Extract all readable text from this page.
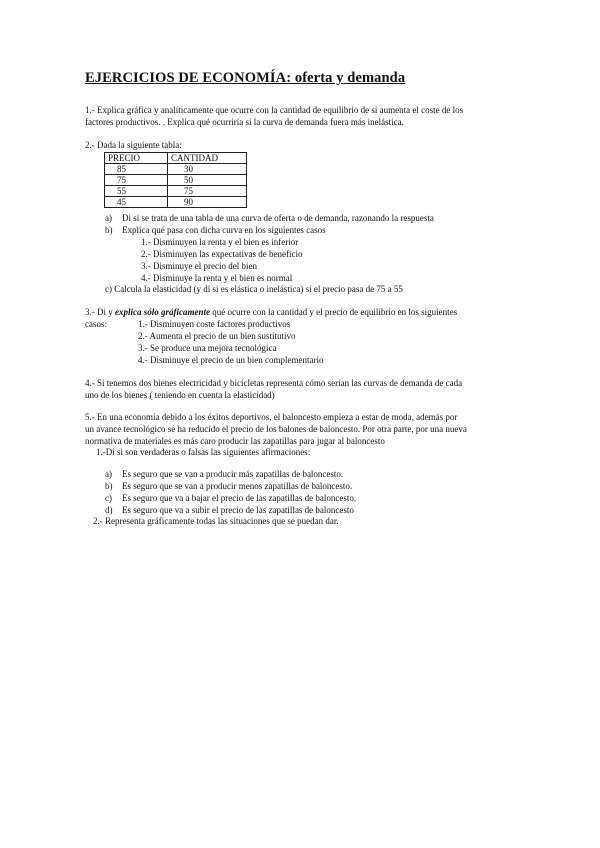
EJERCICIOS DE ECONOMÍA: oferta y demanda
1.- Explica gráfica y analíticamente que ocurre con la cantidad de equilibrio de si aumenta el coste de los
factores productivos. . Explica qué ocurriría si la curva de demanda fuera más inelástica.
2.- Dada la siguiente tabla:
PRECIO	CANTIDAD
85	30
75	50
55	75
45	90
a) Di si se trata de una tabla de una curva de oferta o de demanda, razonando la respuesta
b) Explica qué pasa con dicha curva en los siguientes casos
1.- Disminuyen la renta y el bien es inferior
2.- Disminuyen las expectativas de beneficio
3.- Disminuye el precio del bien
4.- Disminuye la renta y el bien es normal
c) Calcula la elasticidad (y di si es elástica o inelástica) si el precio pasa de 75 a 55
3.- Di y explica sólo gráficamente qué ocurre con la cantidad y el precio de equilibrio en los siguientes
casos:	1.- Disminuyen coste factores productivos
2.- Aumenta el precio de un bien sustitutivo
3.- Se produce una mejora tecnológica
4.- Disminuye el precio de un bien complementario
4.- Si tenemos dos bienes electricidad y bicicletas representa cómo serían las curvas de demanda de cada
uno de los bienes ( teniendo en cuenta la elasticidad)
5.- En una economía debido a los éxitos deportivos, el baloncesto empieza a estar de moda, además por
un avance tecnológico se ha reducido el precio de los balones de baloncesto. Por otra parte, por una nueva
normativa de materiales es más caro producir las zapatillas para jugar al baloncesto
1.-Di si son verdaderas o falsas las siguientes afirmaciones:
a) Es seguro que se van a producir más zapatillas de baloncesto.
b) Es seguro que se van a producir menos zapatillas de baloncesto.
c) Es seguro que va a bajar el precio de las zapatillas de baloncesto.
d) Es seguro que va a subir el precio de las zapatillas de baloncesto
2.- Representa gráficamente todas las situaciones que se puedan dar.
